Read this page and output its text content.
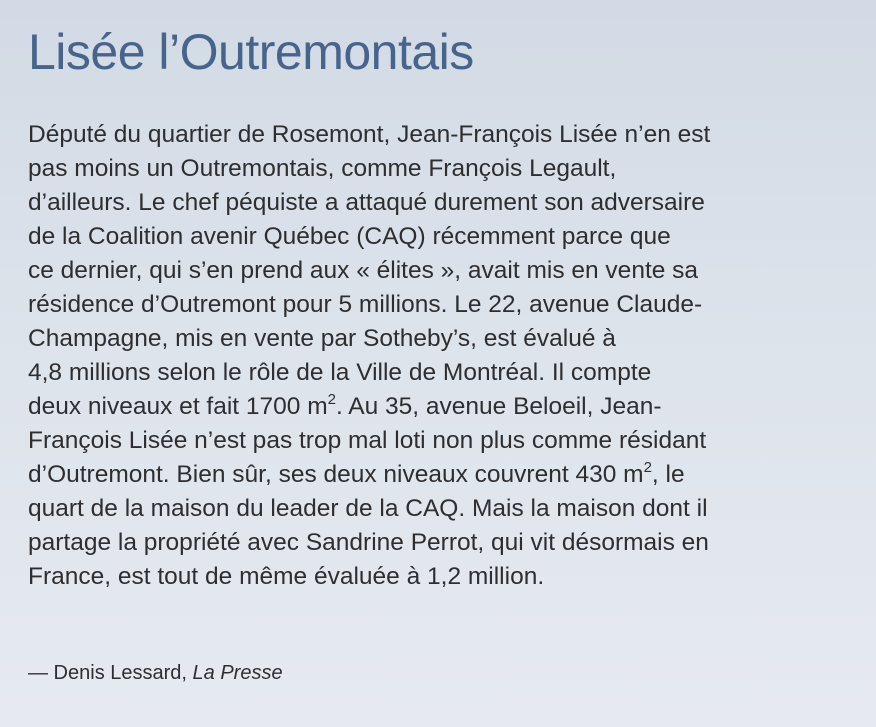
Lisée l’Outremontais
Député du quartier de Rosemont, Jean-François Lisée n’en est
pas moins un Outremontais, comme François Legault,
d’ailleurs. Le chef péquiste a attaqué durement son adversaire
de la Coalition avenir Québec (CAQ) récemment parce que
ce dernier, qui s’en prend aux « élites », avait mis en vente sa
résidence d’Outremont pour 5 millions. Le 22, avenue Claude-
Champagne, mis en vente par Sotheby’s, est évalué à
4,8 millions selon le rôle de la Ville de Montréal. Il compte
deux niveaux et fait 1700 $m^2$. Au 35, avenue Beloeil, Jean-
François Lisée n’est pas trop mal loti non plus comme résidant
d’Outremont. Bien sûr, ses deux niveaux couvrent 430 $m^2$, le
quart de la maison du leader de la CAQ. Mais la maison dont il
partage la propriété avec Sandrine Perrot, qui vit désormais en
France, est tout de même évaluée à 1,2 million.
— Denis Lessard, La Presse
